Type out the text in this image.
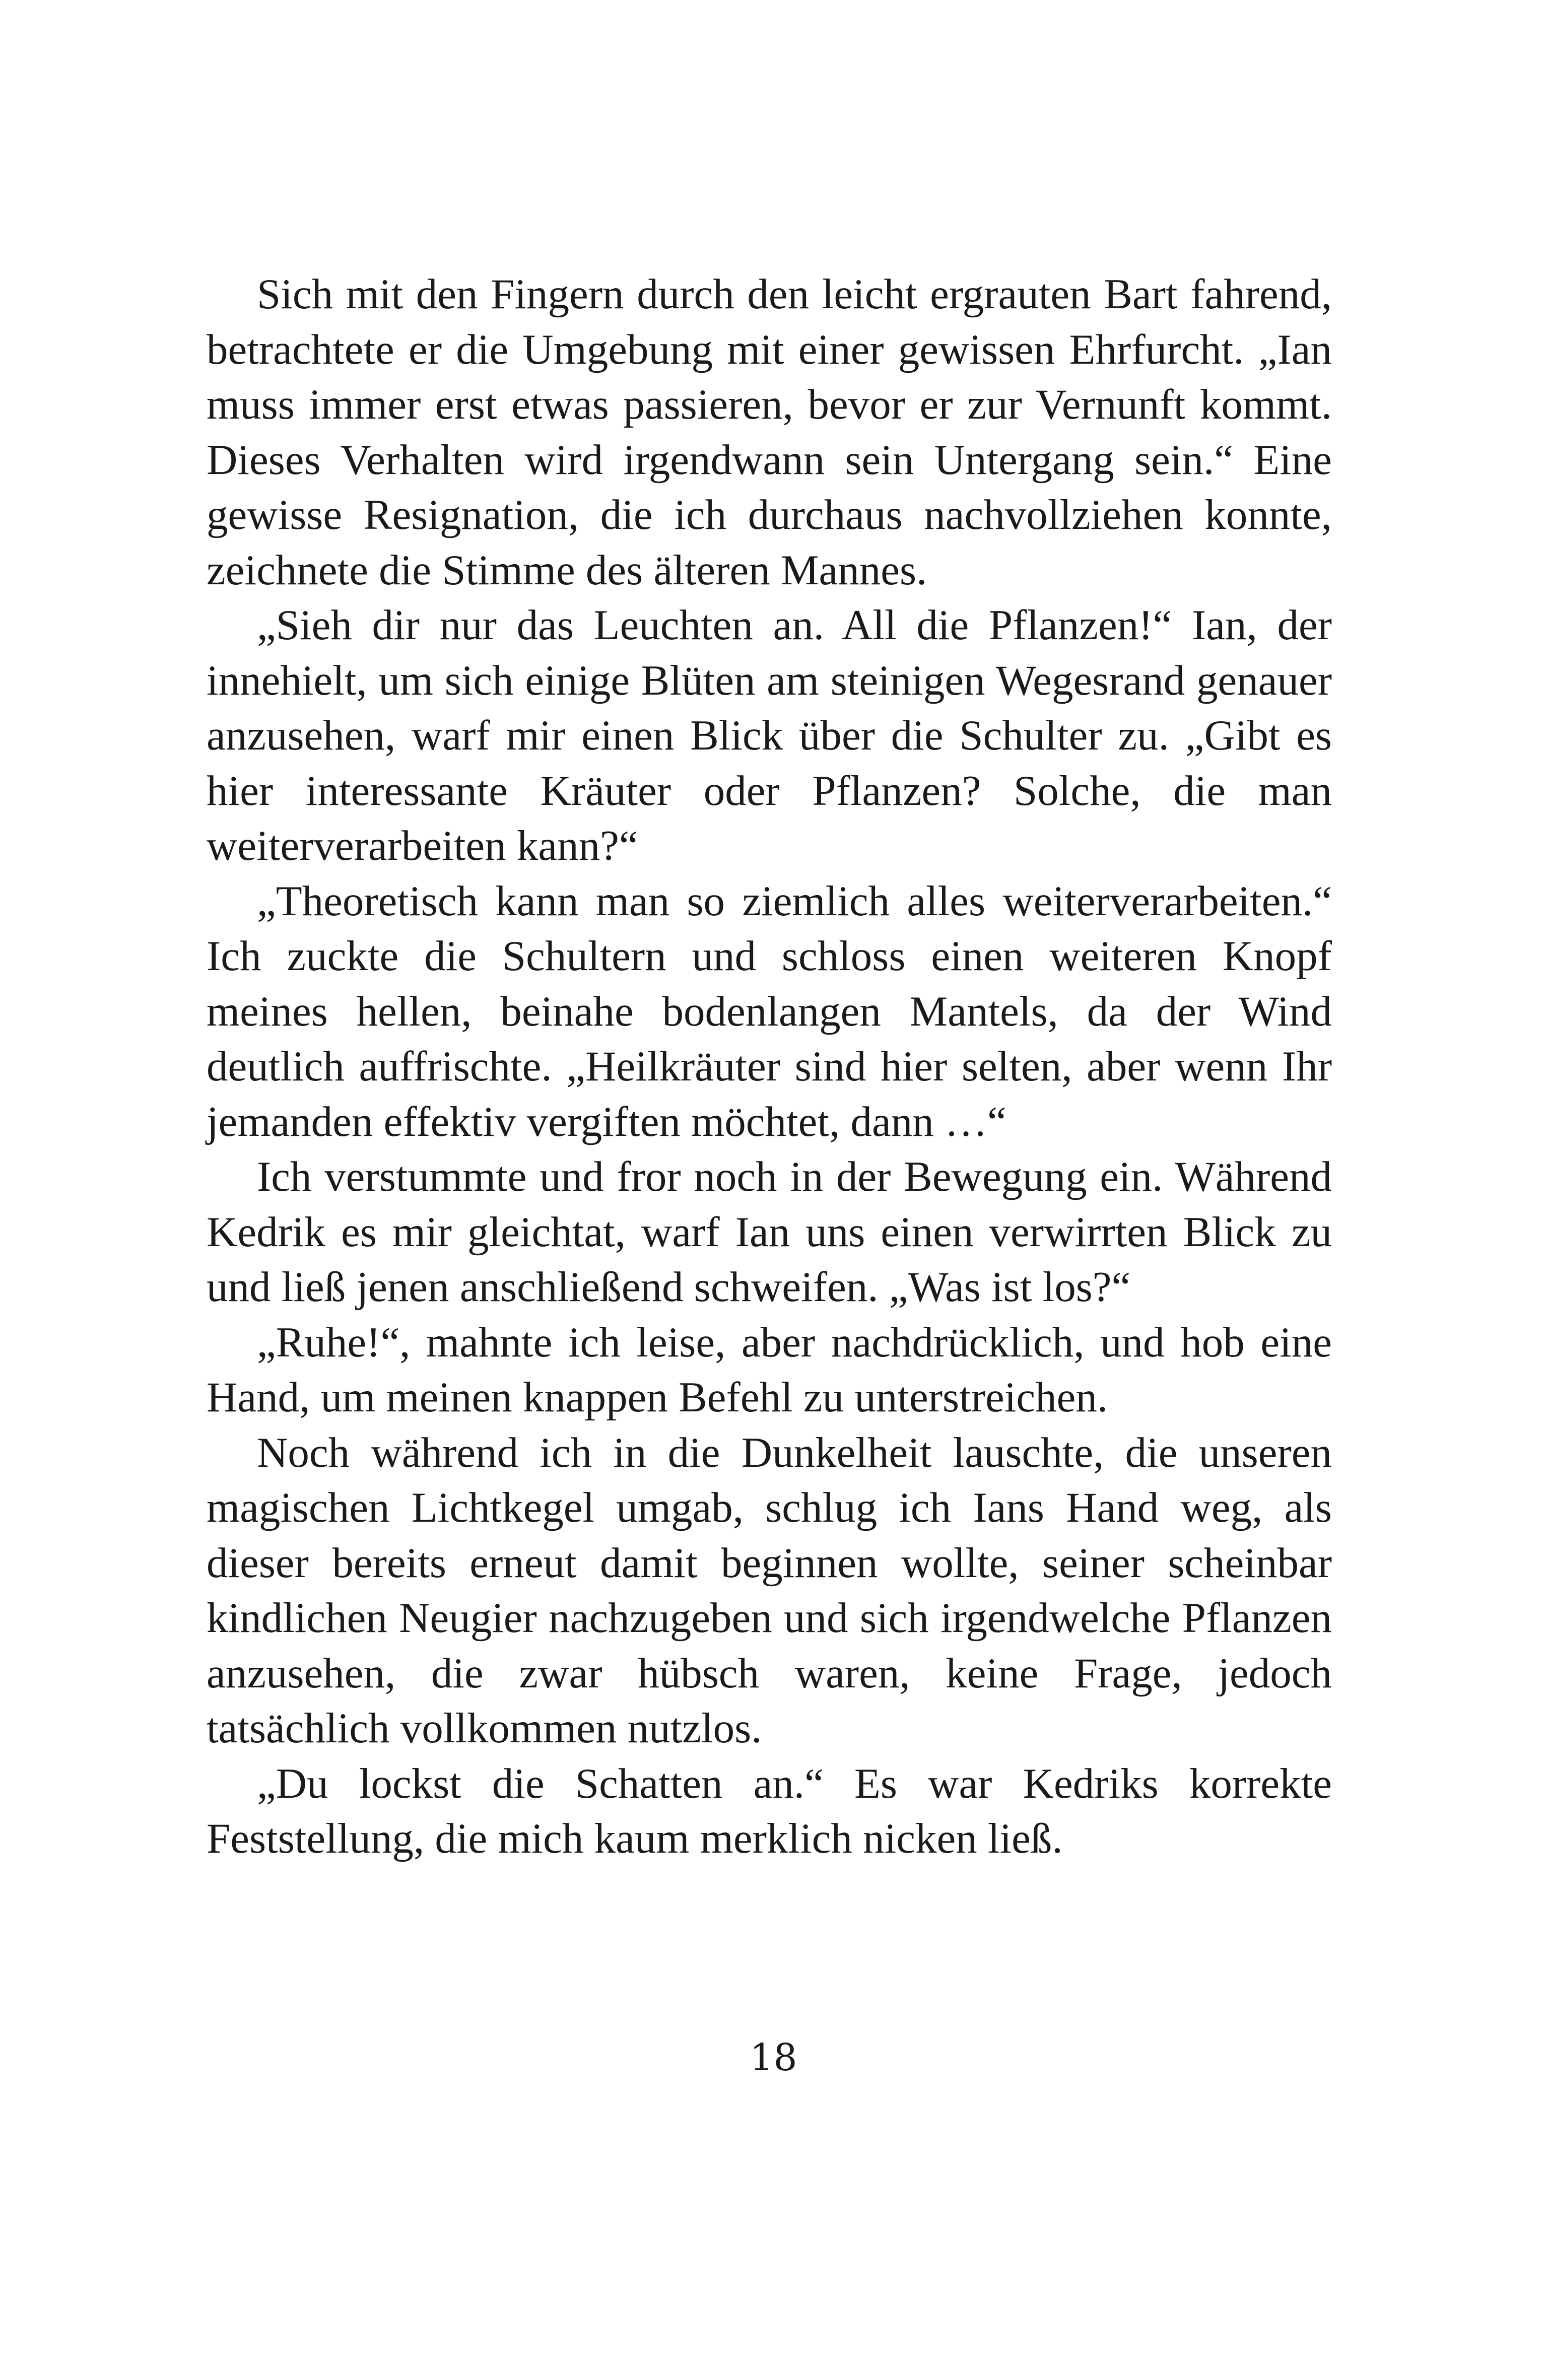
Sich mit den Fingern durch den leicht ergrauten Bart fahrend, betrachtete er die Umgebung mit einer gewissen Ehrfurcht. „Ian muss immer erst etwas passieren, bevor er zur Vernunft kommt. Dieses Verhalten wird irgendwann sein Untergang sein.“ Eine gewisse Resignation, die ich durchaus nachvollziehen konnte, zeichnete die Stimme des älteren Mannes.

„Sieh dir nur das Leuchten an. All die Pflanzen!“ Ian, der innehielt, um sich einige Blüten am steinigen Wegesrand genauer anzusehen, warf mir einen Blick über die Schulter zu. „Gibt es hier interessante Kräuter oder Pflanzen? Solche, die man weiterverarbeiten kann?“

„Theoretisch kann man so ziemlich alles weiterverarbeiten.“ Ich zuckte die Schultern und schloss einen weiteren Knopf meines hellen, beinahe bodenlangen Mantels, da der Wind deutlich auffrischte. „Heilkräuter sind hier selten, aber wenn Ihr jemanden effektiv vergiften möchtet, dann …“

Ich verstummte und fror noch in der Bewegung ein. Während Kedrik es mir gleichtat, warf Ian uns einen verwirrten Blick zu und ließ jenen anschließend schweifen. „Was ist los?“

„Ruhe!“, mahnte ich leise, aber nachdrücklich, und hob eine Hand, um meinen knappen Befehl zu unterstreichen.

Noch während ich in die Dunkelheit lauschte, die unseren magischen Lichtkegel umgab, schlug ich Ians Hand weg, als dieser bereits erneut damit beginnen wollte, seiner scheinbar kindlichen Neugier nachzugeben und sich irgendwelche Pflanzen anzusehen, die zwar hübsch waren, keine Frage, jedoch tatsächlich vollkommen nutzlos.

„Du lockst die Schatten an.“ Es war Kedriks korrekte Feststellung, die mich kaum merklich nicken ließ.

18
